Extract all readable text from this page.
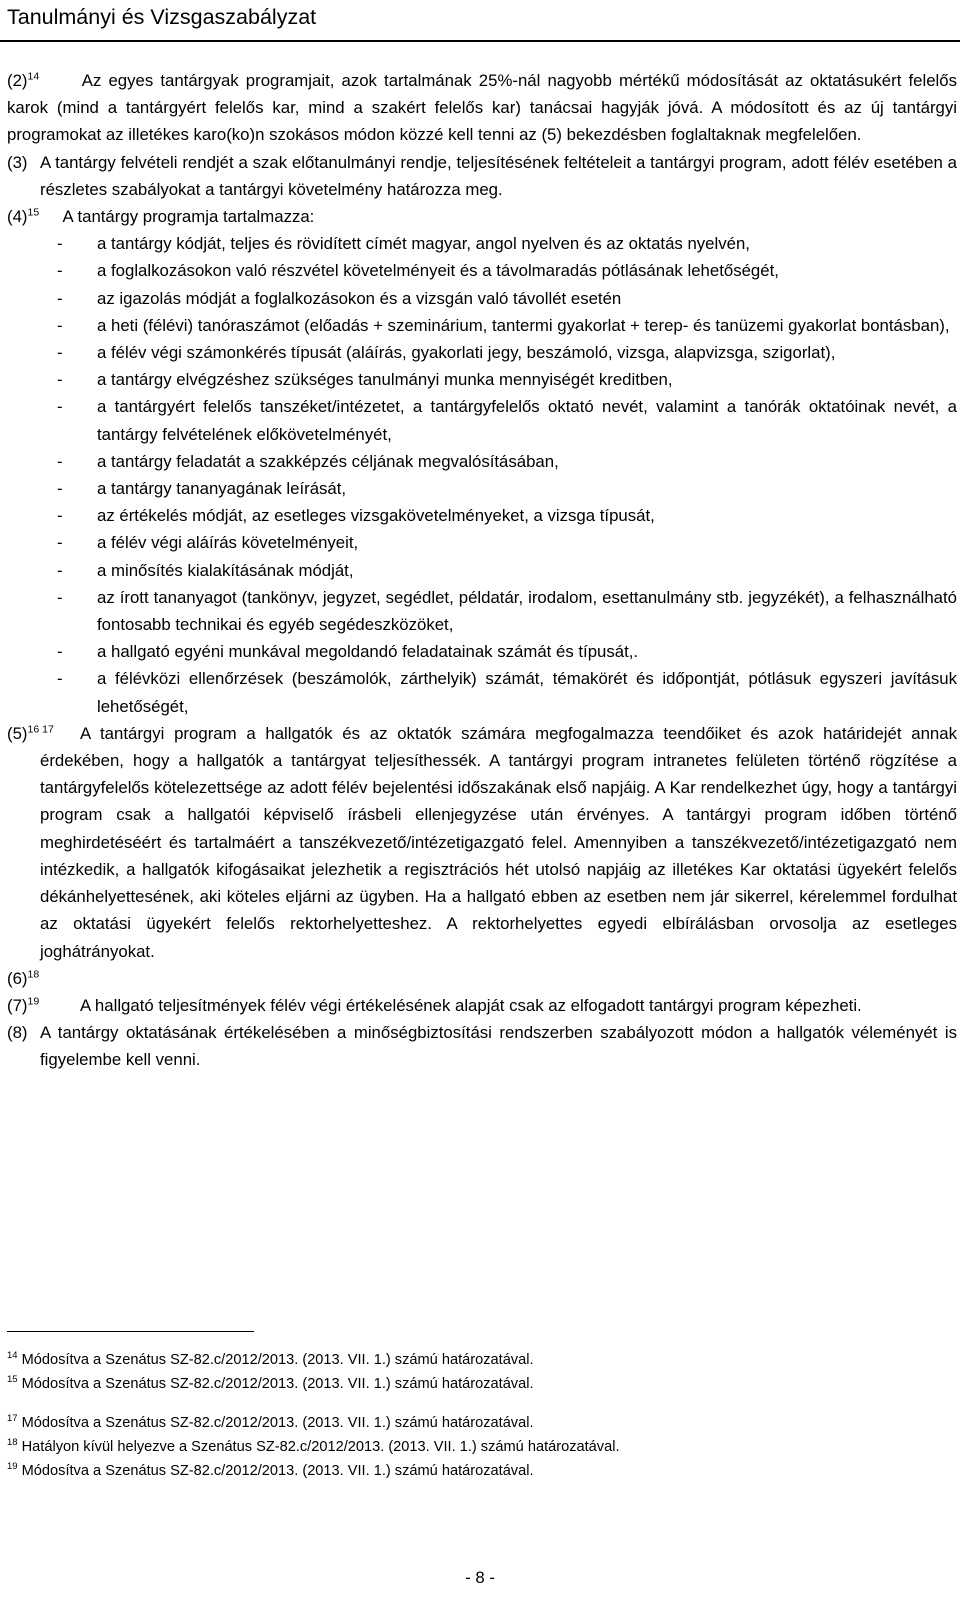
Tanulmányi és Vizsgaszabályzat
$(2)^{14}$	Az egyes tantárgyak programjait, azok tartalmának 25%-nál nagyobb mértékű módosítását az oktatásukért felelős karok (mind a tantárgyért felelős kar, mind a szakért felelős kar) tanácsai hagyják jóvá. A módosított és az új tantárgyi programokat az illetékes karo(ko)n szokásos módon közzé kell tenni az (5) bekezdésben foglaltaknak megfelelően.
(3) A tantárgy felvételi rendjét a szak előtanulmányi rendje, teljesítésének feltételeit a tantárgyi program, adott félév esetében a részletes szabályokat a tantárgyi követelmény határozza meg.
$(4)^{15}$ A tantárgy programja tartalmazza:
- a tantárgy kódját, teljes és rövidített címét magyar, angol nyelven és az oktatás nyelvén,
- a foglalkozásokon való részvétel követelményeit és a távolmaradás pótlásának lehetőségét,
- az igazolás módját a foglalkozásokon és a vizsgán való távollét esetén
- a heti (félévi) tanóraszámot (előadás + szeminárium, tantermi gyakorlat + terep- és tanüzemi gyakorlat bontásban),
- a félév végi számonkérés típusát (aláírás, gyakorlati jegy, beszámoló, vizsga, alapvizsga, szigorlat),
- a tantárgy elvégzéshez szükséges tanulmányi munka mennyiségét kreditben,
- a tantárgyért felelős tanszéket/intézetet, a tantárgyfelelős oktató nevét, valamint a tanórák oktatóinak nevét, a tantárgy felvételének előkövetelményét,
- a tantárgy feladatát a szakképzés céljának megvalósításában,
- a tantárgy tananyagának leírását,
- az értékelés módját, az esetleges vizsgakövetelményeket, a vizsga típusát,
- a félév végi aláírás követelményeit,
- a minősítés kialakításának módját,
- az írott tananyagot (tankönyv, jegyzet, segédlet, példatár, irodalom, esettanulmány stb. jegyzékét), a felhasználható fontosabb technikai és egyéb segédeszközöket,
- a hallgató egyéni munkával megoldandó feladatainak számát és típusát,.
- a félévközi ellenőrzések (beszámolók, zárthelyik) számát, témakörét és időpontját, pótlásuk egyszeri javításuk lehetőségét,
$(5)^{16 17}$ A tantárgyi program a hallgatók és az oktatók számára megfogalmazza teendőiket és azok határidejét annak érdekében, hogy a hallgatók a tantárgyat teljesíthessék. A tantárgyi program intranetes felületen történő rögzítése a tantárgyfelelős kötelezettsége az adott félév bejelentési időszakának első napjáig. A Kar rendelkezhet úgy, hogy a tantárgyi program csak a hallgatói képviselő írásbeli ellenjegyzése után érvényes. A tantárgyi program időben történő meghirdetéséért és tartalmáért a tanszékvezető/intézetigazgató felel. Amennyiben a tanszékvezető/intézetigazgató nem intézkedik, a hallgatók kifogásaikat jelezhetik a regisztrációs hét utolsó napjáig az illetékes Kar oktatási ügyekért felelős dékánhelyettesének, aki köteles eljárni az ügyben. Ha a hallgató ebben az esetben nem jár sikerrel, kérelemmel fordulhat az oktatási ügyekért felelős rektorhelyetteshez. A rektorhelyettes egyedi elbírálásban orvosolja az esetleges joghátrányokat.
$(6)^{18}$
$(7)^{19}$ A hallgató teljesítmények félév végi értékelésének alapját csak az elfogadott tantárgyi program képezheti.
(8) A tantárgy oktatásának értékelésében a minőségbiztosítási rendszerben szabályozott módon a hallgatók véleményét is figyelembe kell venni.
$^{14}$ Módosítva a Szenátus SZ-82.c/2012/2013. (2013. VII. 1.) számú határozatával.
$^{15}$ Módosítva a Szenátus SZ-82.c/2012/2013. (2013. VII. 1.) számú határozatával.
$^{17}$ Módosítva a Szenátus SZ-82.c/2012/2013. (2013. VII. 1.) számú határozatával.
$^{18}$ Hatályon kívül helyezve a Szenátus SZ-82.c/2012/2013. (2013. VII. 1.) számú határozatával.
$^{19}$ Módosítva a Szenátus SZ-82.c/2012/2013. (2013. VII. 1.) számú határozatával.
- 8 -
